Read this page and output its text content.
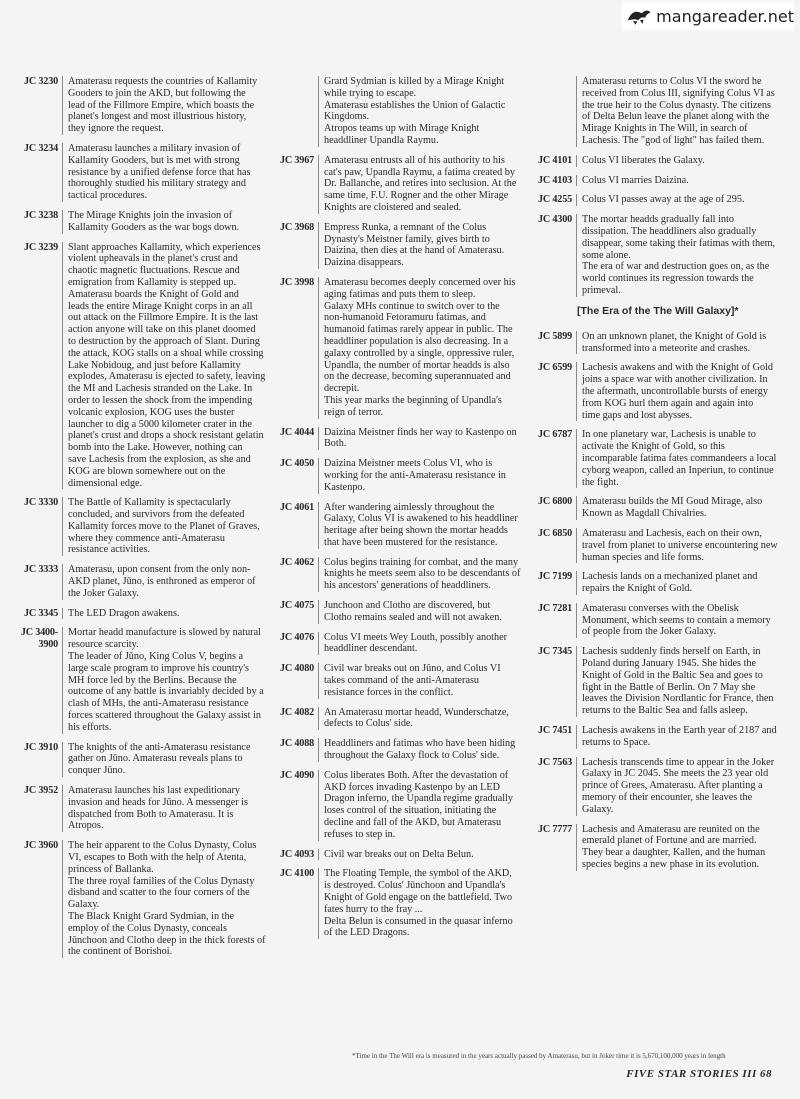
mangareader.net
JC 3230 Amaterasu requests the countries of Kallamity
Gooders to join the AKD, but following the
lead of the Fillmore Empire, which boasts the
planet's longest and most illustrious history,
they ignore the request.
JC 3234 Amaterasu launches a military invasion of
Kallamity Gooders, but is met with strong
resistance by a unified defense force that has
thoroughly studied his military strategy and
tactical procedures.
JC 3238 The Mirage Knights join the invasion of
Kallamity Gooders as the war bogs down.
JC 3239 Slant approaches Kallamity, which experiences
violent upheavals in the planet's crust and
chaotic magnetic fluctuations. Rescue and
emigration from Kallamity is stepped up.
Amaterasu boards the Knight of Gold and
leads the entire Mirage Knight corps in an all
out attack on the Fillmore Empire. It is the last
action anyone will take on this planet doomed
to destruction by the approach of Slant. During
the attack, KOG stalls on a shoal while crossing
Lake Nobidoug, and just before Kallamity
explodes, Amaterasu is ejected to safety, leaving
the MI and Lachesis stranded on the Lake. In
order to lessen the shock from the impending
volcanic explosion, KOG uses the buster
launcher to dig a 5000 kilometer crater in the
planet's crust and drops a shock resistant gelatin
bomb into the Lake. However, nothing can
save Lachesis from the explosion, as she and
KOG are blown somewhere out on the
dimensional edge.
JC 3330 The Battle of Kallamity is spectacularly
concluded, and survivors from the defeated
Kallamity forces move to the Planet of Graves,
where they commence anti-Amaterasu
resistance activities.
JC 3333 Amaterasu, upon consent from the only non-
AKD planet, Jūno, is enthroned as emperor of
the Joker Galaxy.
JC 3345 The LED Dragon awakens.
JC 3400-
3900
Mortar headd manufacture is slowed by natural
resource scarcity.
The leader of Jūno, King Colus V, begins a
large scale program to improve his country's
MH force led by the Berlins. Because the
outcome of any battle is invariably decided by a
clash of MHs, the anti-Amaterasu resistance
forces scattered throughout the Galaxy assist in
his efforts.
JC 3910 The knights of the anti-Amaterasu resistance
gather on Jūno. Amaterasu reveals plans to
conquer Jūno.
JC 3952 Amaterasu launches his last expeditionary
invasion and heads for Jūno. A messenger is
dispatched from Both to Amaterasu. It is
Atropos.
JC 3960 The heir apparent to the Colus Dynasty, Colus
VI, escapes to Both with the help of Atenta,
princess of Ballanka.
The three royal families of the Colus Dynasty
disband and scatter to the four corners of the
Galaxy.
The Black Knight Grard Sydmian, in the
employ of the Colus Dynasty, conceals
Jūnchoon and Clotho deep in the thick forests of
the continent of Borishoi.
Grard Sydmian is killed by a Mirage Knight
while trying to escape.
Amaterasu establishes the Union of Galactic
Kingdoms.
Atropos teams up with Mirage Knight
headdliner Upandla Raymu.
JC 3967 Amaterasu entrusts all of his authority to his
cat's paw, Upandla Raymu, a fatima created by
Dr. Ballanche, and retires into seclusion. At the
same time, F.U. Rogner and the other Mirage
Knights are cloistered and sealed.
JC 3968 Empress Runka, a remnant of the Colus
Dynasty's Meistner family, gives birth to
Daizina, then dies at the hand of Amaterasu.
Daizina disappears.
JC 3998 Amaterasu becomes deeply concerned over his
aging fatimas and puts them to sleep.
Galaxy MHs continue to switch over to the
non-humanoid Fetoramuru fatimas, and
humanoid fatimas rarely appear in public. The
headdliner population is also decreasing. In a
galaxy controlled by a single, oppressive ruler,
Upandla, the number of mortar headds is also
on the decrease, becoming superannuated and
decrepit.
This year marks the beginning of Upandla's
reign of terror.
JC 4044 Daizina Meistner finds her way to Kastenpo on
Both.
JC 4050 Daizina Meistner meets Colus VI, who is
working for the anti-Amaterasu resistance in
Kastenpo.
JC 4061 After wandering aimlessly throughout the
Galaxy, Colus VI is awakened to his headdliner
heritage after being shown the mortar headds
that have been mustered for the resistance.
JC 4062 Colus begins training for combat, and the many
knights he meets seem also to be descendants of
his ancestors' generations of headdliners.
JC 4075 Junchoon and Clotho are discovered, but
Clotho remains sealed and will not awaken.
JC 4076 Colus VI meets Wey Louth, possibly another
headdliner descendant.
JC 4080 Civil war breaks out on Jūno, and Colus VI
takes command of the anti-Amaterasu
resistance forces in the conflict.
JC 4082 An Amaterasu mortar headd, Wunderschatze,
defects to Colus' side.
JC 4088 Headdliners and fatimas who have been hiding
throughout the Galaxy flock to Colus' side.
JC 4090 Colus liberates Both. After the devastation of
AKD forces invading Kastenpo by an LED
Dragon inferno, the Upandla regime gradually
loses control of the situation, initiating the
decline and fall of the AKD, but Amaterasu
refuses to step in.
JC 4093 Civil war breaks out on Delta Belun.
JC 4100 The Floating Temple, the symbol of the AKD,
is destroyed. Colus' Jūnchoon and Upandla's
Knight of Gold engage on the battlefield. Two
fates hurry to the fray ...
Delta Belun is consumed in the quasar inferno
of the LED Dragons.
Amaterasu returns to Colus VI the sword he
received from Colus III, signifying Colus VI as
the true heir to the Colus dynasty. The citizens
of Delta Belun leave the planet along with the
Mirage Knights in The Will, in search of
Lachesis. The "god of light" has failed them.
JC 4101 Colus VI liberates the Galaxy.
JC 4103 Colus VI marries Daizina.
JC 4255 Colus VI passes away at the age of 295.
JC 4300 The mortar headds gradually fall into
dissipation. The headdliners also gradually
disappear, some taking their fatimas with them,
some alone.
The era of war and destruction goes on, as the
world continues its regression towards the
primeval.
[The Era of the The Will Galaxy]*
JC 5899 On an unknown planet, the Knight of Gold is
transformed into a meteorite and crashes.
JC 6599 Lachesis awakens and with the Knight of Gold
joins a space war with another civilization. In
the aftermath, uncontrollable bursts of energy
from KOG hurl them again and again into
time gaps and lost abysses.
JC 6787 In one planetary war, Lachesis is unable to
activate the Knight of Gold, so this
incomparable fatima fates commandeers a local
cyborg weapon, called an Inperiun, to continue
the fight.
JC 6800 Amaterasu builds the MI Goud Mirage, also
Known as Magdall Chivalries.
JC 6850 Amaterasu and Lachesis, each on their own,
travel from planet to universe encountering new
human species and life forms.
JC 7199 Lachesis lands on a mechanized planet and
repairs the Knight of Gold.
JC 7281 Amaterasu converses with the Obelisk
Monument, which seems to contain a memory
of people from the Joker Galaxy.
JC 7345 Lachesis suddenly finds herself on Earth, in
Poland during January 1945. She hides the
Knight of Gold in the Baltic Sea and goes to
fight in the Battle of Berlin. On 7 May she
leaves the Division Nordlantic for France, then
returns to the Baltic Sea and falls asleep.
JC 7451 Lachesis awakens in the Earth year of 2187 and
returns to Space.
JC 7563 Lachesis transcends time to appear in the Joker
Galaxy in JC 2045. She meets the 23 year old
prince of Grees, Amaterasu. After planting a
memory of their encounter, she leaves the
Galaxy.
JC 7777 Lachesis and Amaterasu are reunited on the
emerald planet of Fortune and are married.
They bear a daughter, Kallen, and the human
species begins a new phase in its evolution.
*Time in the The Will era is measured in the years actually passed by Amaterasu, but in Joker time it is 5,670,100,000 years in length
FIVE STAR STORIES III 68
